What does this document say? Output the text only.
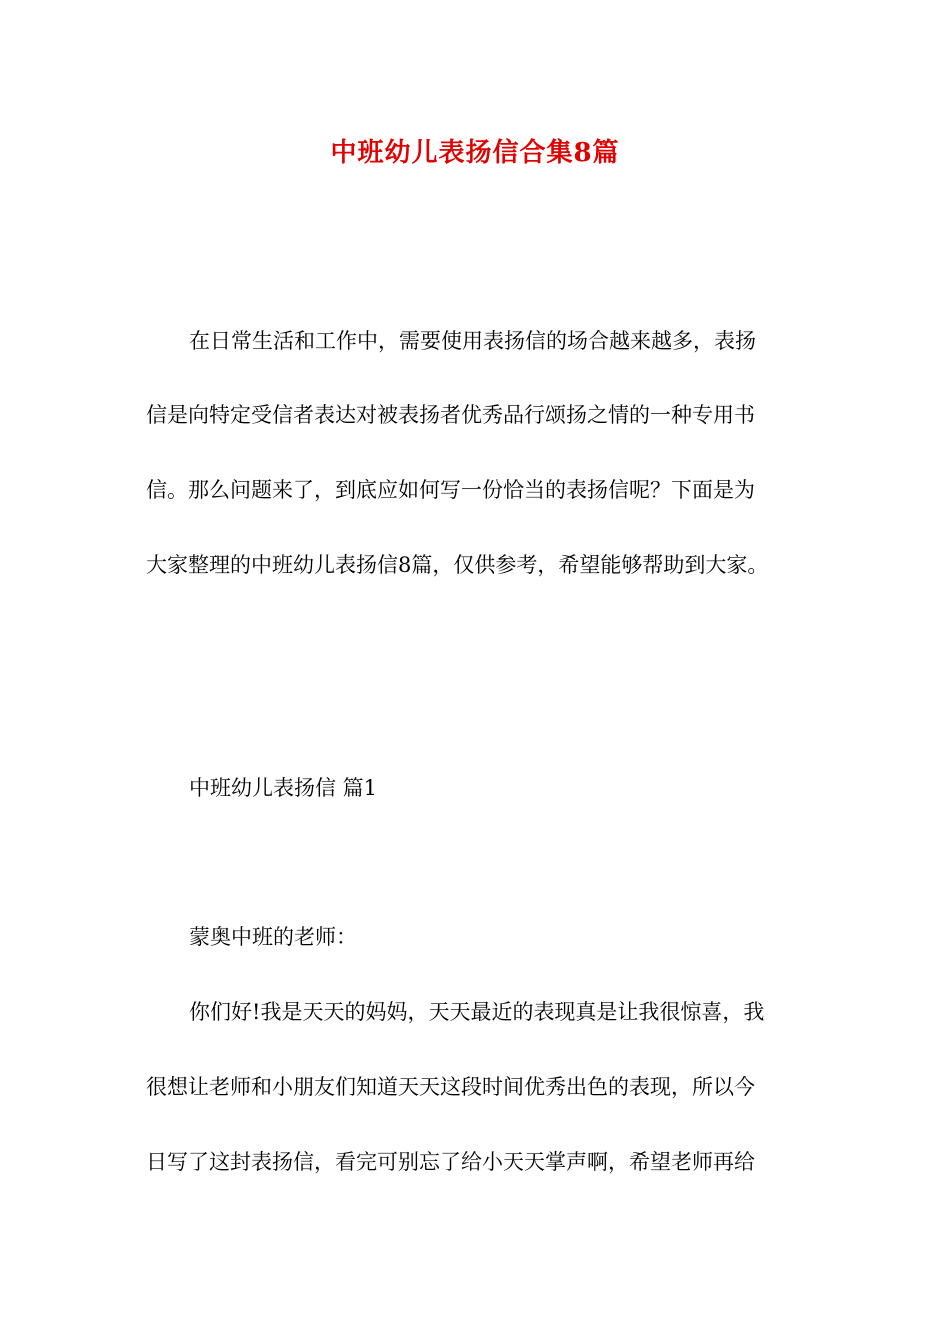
中班幼儿表扬信合集8篇
在日常生活和工作中，需要使用表扬信的场合越来越多，表扬
信是向特定受信者表达对被表扬者优秀品行颂扬之情的一种专用书
信。那么问题来了，到底应如何写一份恰当的表扬信呢？下面是为
大家整理的中班幼儿表扬信8篇，仅供参考，希望能够帮助到大家。
中班幼儿表扬信 篇1
蒙奥中班的老师：
你们好!我是天天的妈妈，天天最近的表现真是让我很惊喜，我
很想让老师和小朋友们知道天天这段时间优秀出色的表现，所以今
日写了这封表扬信，看完可别忘了给小天天掌声啊，希望老师再给
